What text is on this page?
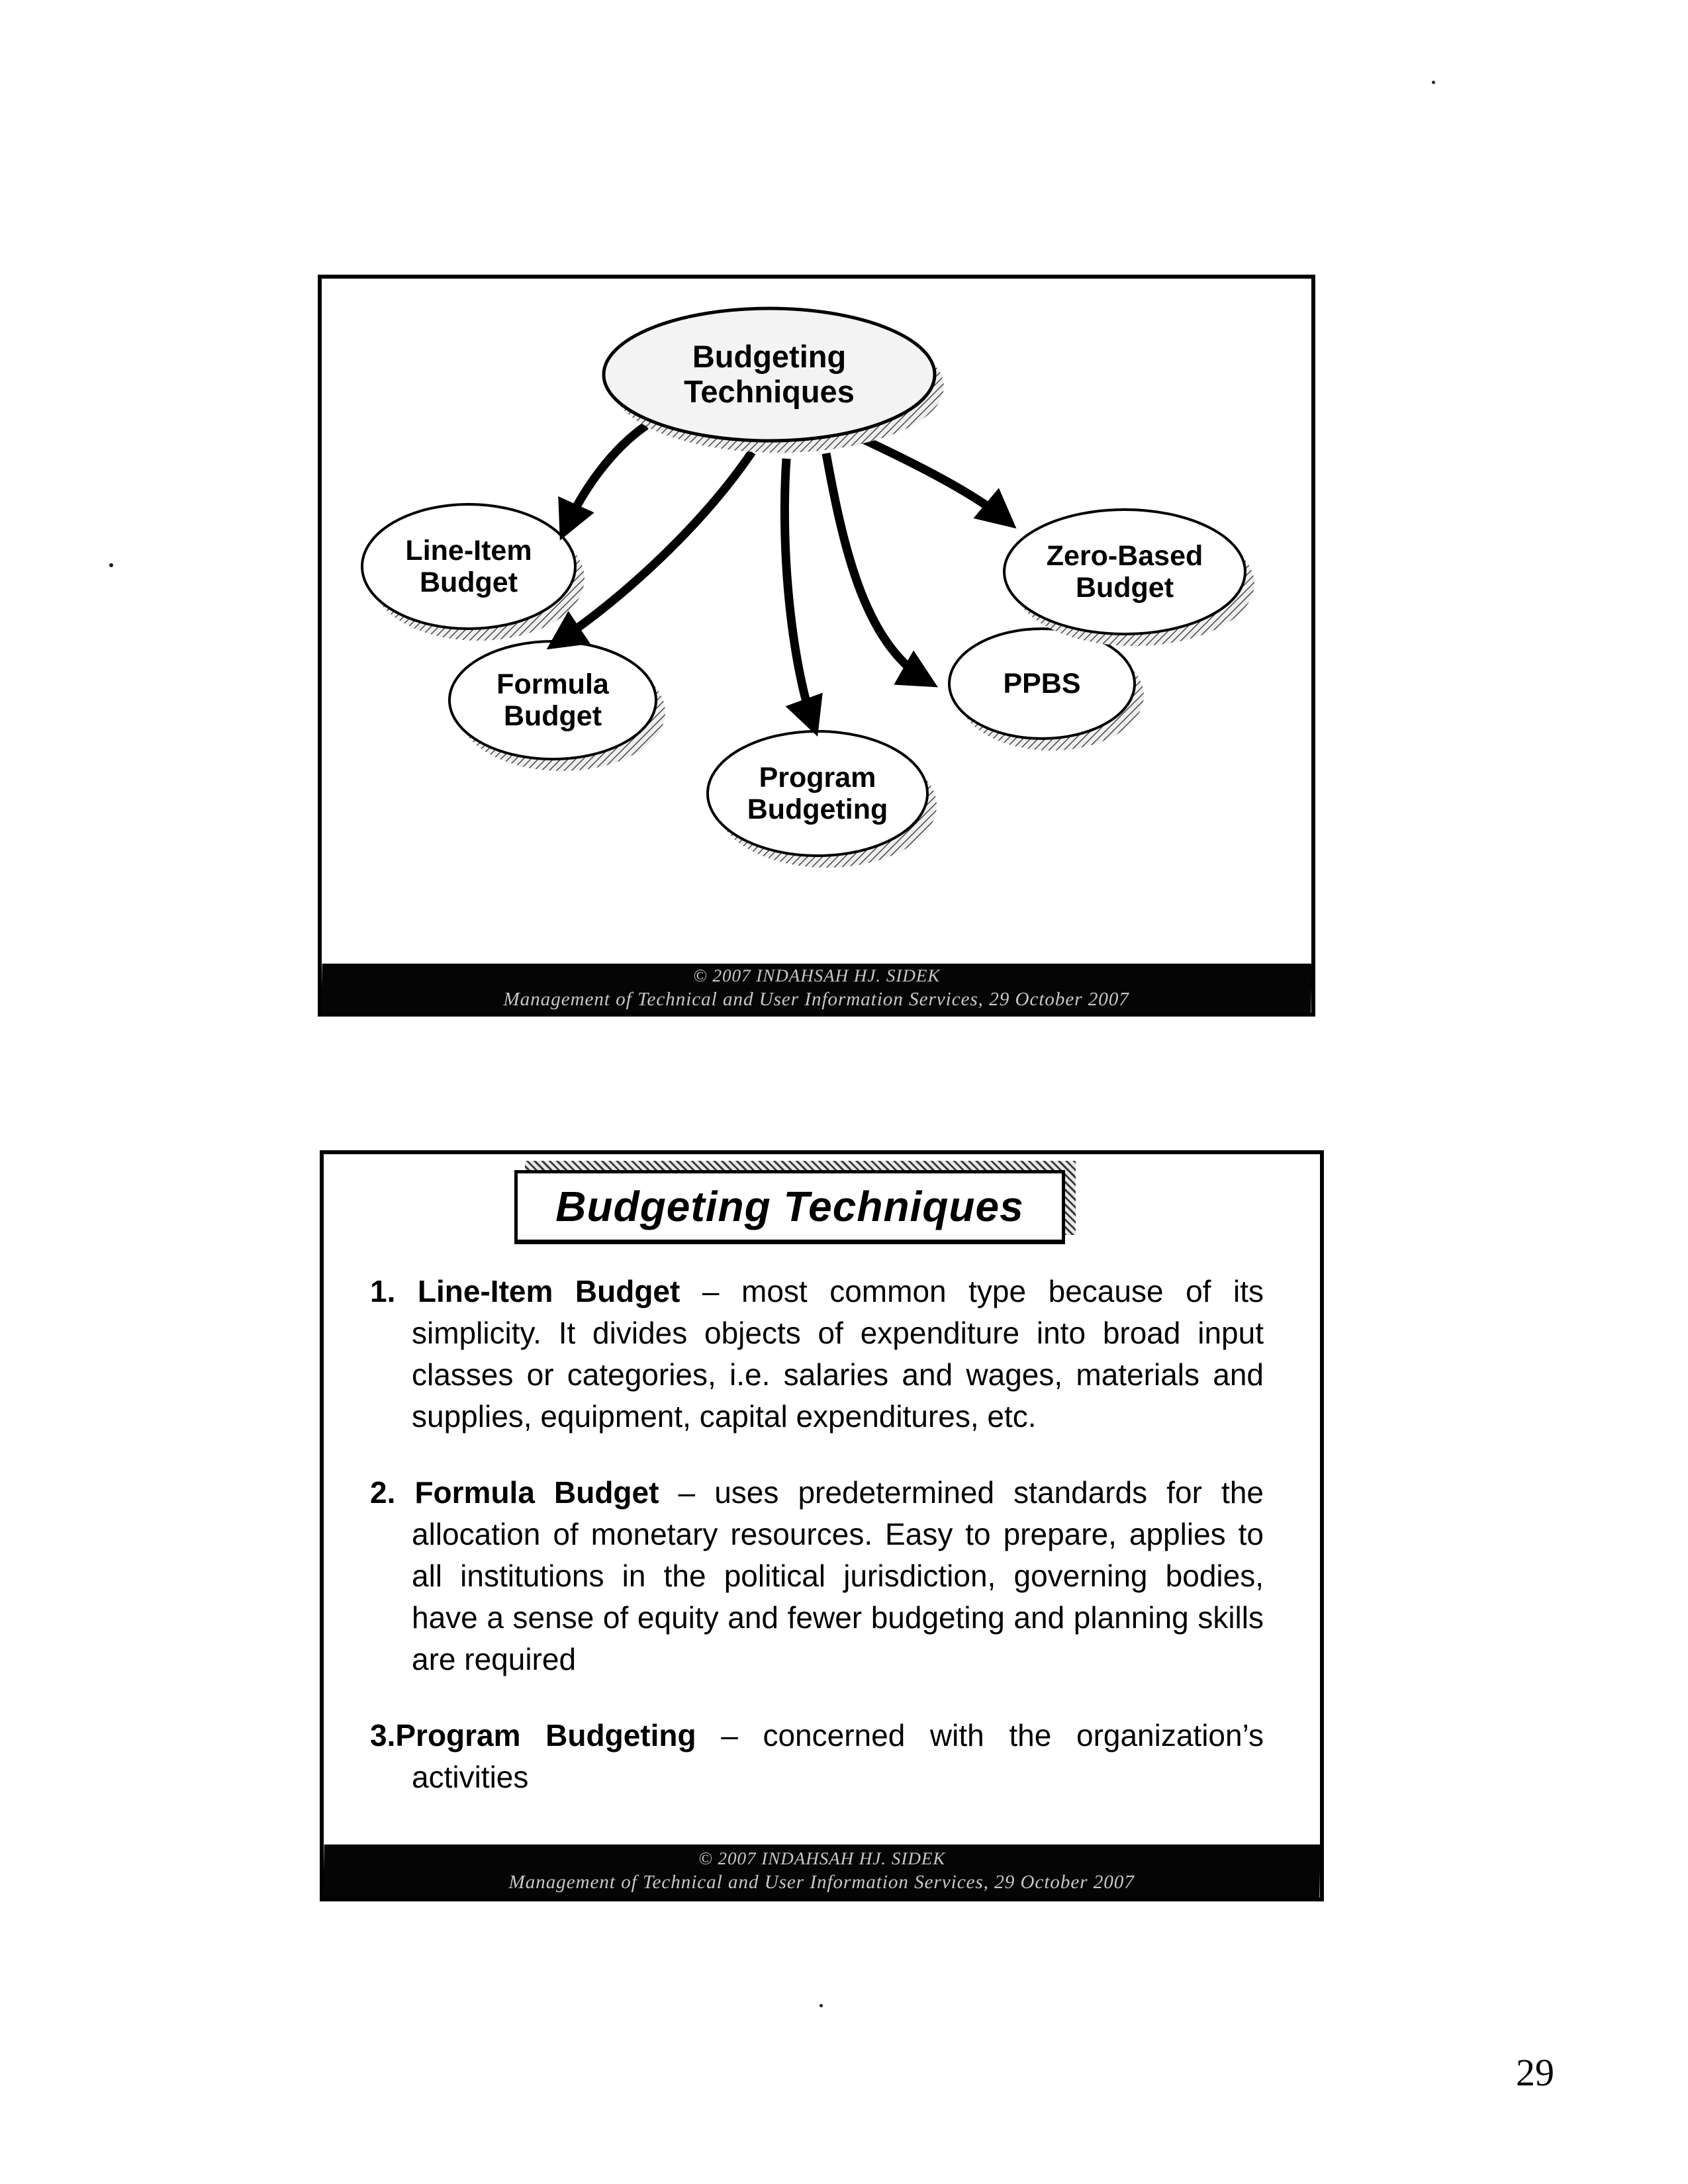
Budgeting
Techniques
Line-Item
Budget
Formula
Budget
Program
Budgeting
PPBS
Zero-Based
Budget
© 2007 INDAHSAH HJ. SIDEK
Management of Technical and User Information Services, 29 October 2007
Budgeting Techniques
1. Line-Item Budget – most common type because of its simplicity. It divides objects of expenditure into broad input classes or categories, i.e. salaries and wages, materials and supplies, equipment, capital expenditures, etc.
2. Formula Budget – uses predetermined standards for the allocation of monetary resources. Easy to prepare, applies to all institutions in the political jurisdiction, governing bodies, have a sense of equity and fewer budgeting and planning skills are required
3.Program Budgeting – concerned with the organization’s activities
© 2007 INDAHSAH HJ. SIDEK
Management of Technical and User Information Services, 29 October 2007
29
